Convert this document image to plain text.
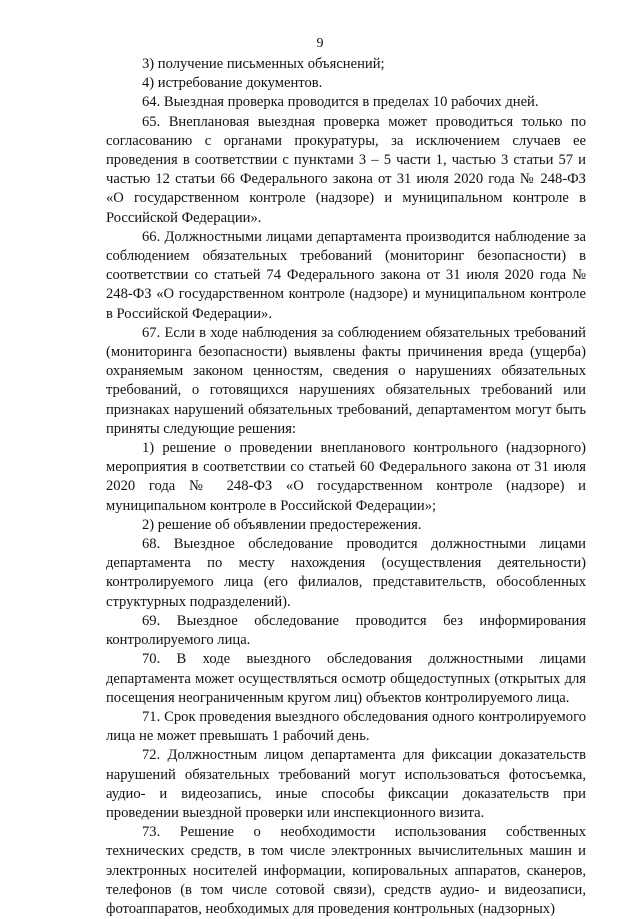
9

3) получение письменных объяснений;

4) истребование документов.

64. Выездная проверка проводится в пределах 10 рабочих дней.

65. Внеплановая выездная проверка может проводиться только по согласованию с органами прокуратуры, за исключением случаев ее проведения в соответствии с пунктами 3 – 5 части 1, частью 3 статьи 57 и частью 12 статьи 66 Федерального закона от 31 июля 2020 года № 248-ФЗ «О государственном контроле (надзоре) и муниципальном контроле в Российской Федерации».

66. Должностными лицами департамента производится наблюдение за соблюдением обязательных требований (мониторинг безопасности) в соответствии со статьей 74 Федерального закона от 31 июля 2020 года № 248-ФЗ «О государственном контроле (надзоре) и муниципальном контроле в Российской Федерации».

67. Если в ходе наблюдения за соблюдением обязательных требований (мониторинга безопасности) выявлены факты причинения вреда (ущерба) охраняемым законом ценностям, сведения о нарушениях обязательных требований, о готовящихся нарушениях обязательных требований или признаках нарушений обязательных требований, департаментом могут быть приняты следующие решения:

1) решение о проведении внепланового контрольного (надзорного) мероприятия в соответствии со статьей 60 Федерального закона от 31 июля 2020 года № 248-ФЗ «О государственном контроле (надзоре) и муниципальном контроле в Российской Федерации»;

2) решение об объявлении предостережения.

68. Выездное обследование проводится должностными лицами департамента по месту нахождения (осуществления деятельности) контролируемого лица (его филиалов, представительств, обособленных структурных подразделений).

69. Выездное обследование проводится без информирования контролируемого лица.

70. В ходе выездного обследования должностными лицами департамента может осуществляться осмотр общедоступных (открытых для посещения неограниченным кругом лиц) объектов контролируемого лица.

71. Срок проведения выездного обследования одного контролируемого лица не может превышать 1 рабочий день.

72. Должностным лицом департамента для фиксации доказательств нарушений обязательных требований могут использоваться фотосъемка, аудио- и видеозапись, иные способы фиксации доказательств при проведении выездной проверки или инспекционного визита.

73. Решение о необходимости использования собственных технических средств, в том числе электронных вычислительных машин и электронных носителей информации, копировальных аппаратов, сканеров, телефонов (в том числе сотовой связи), средств аудио- и видеозаписи, фотоаппаратов, необходимых для проведения контрольных (надзорных)
